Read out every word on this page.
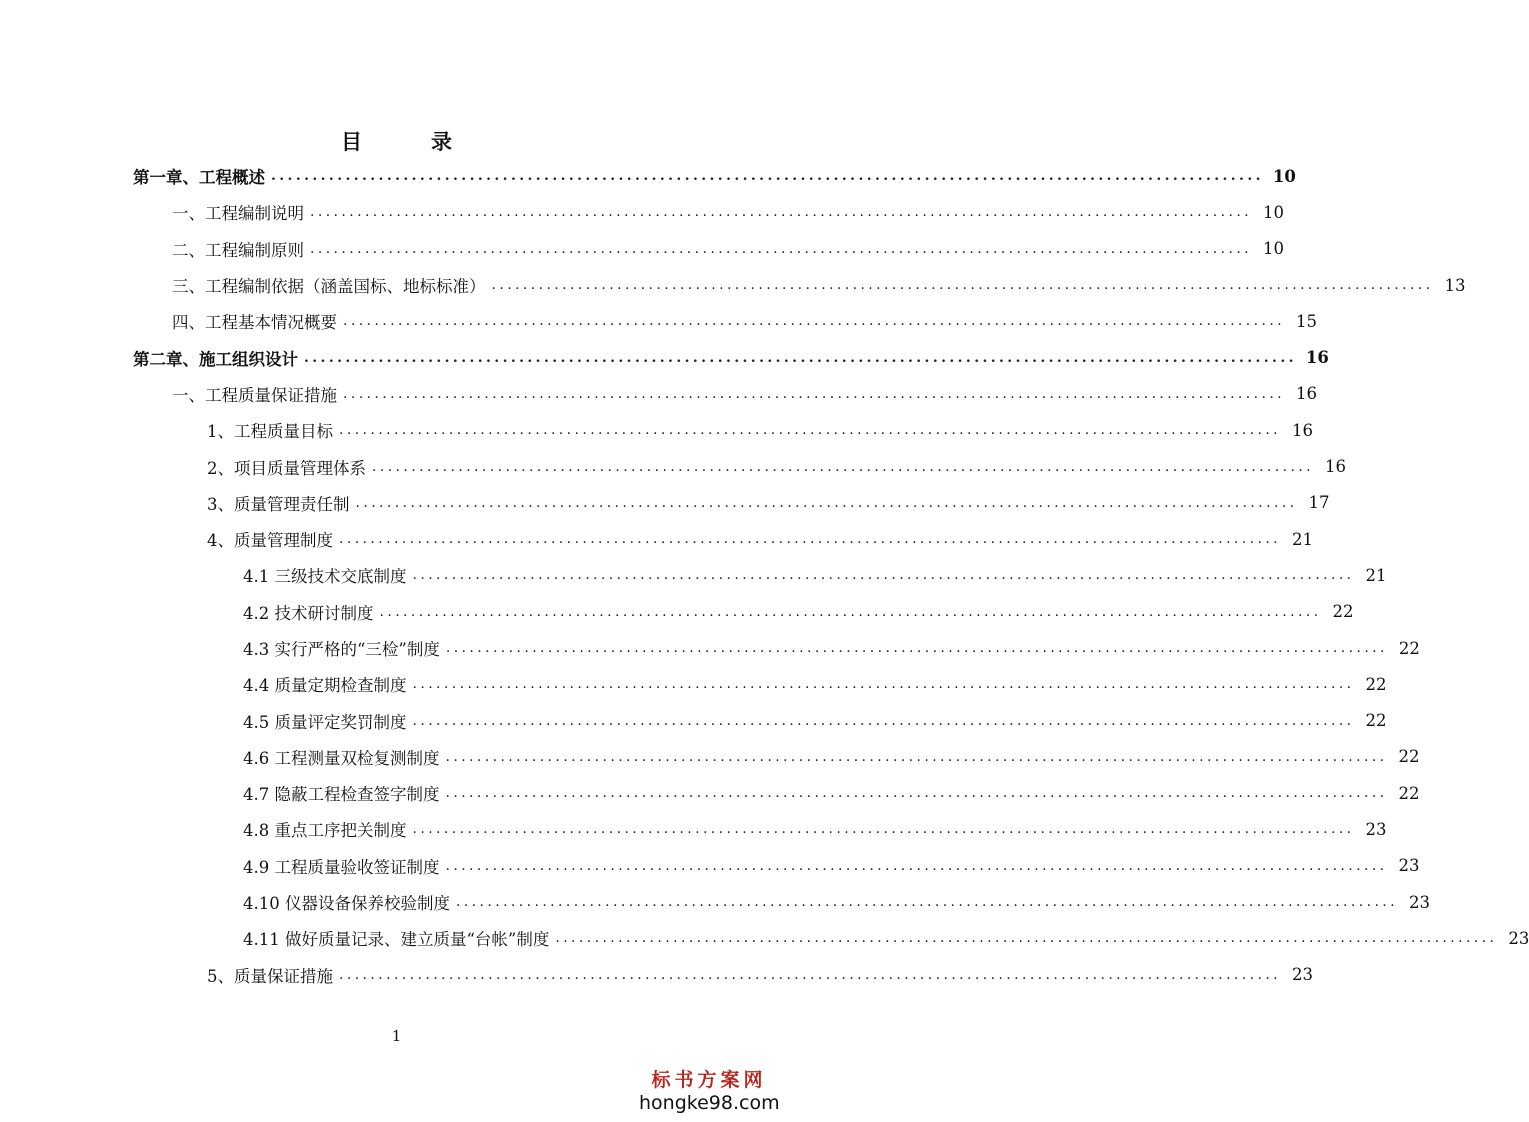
目　录
第一章、工程概述 ........................................................................................................................ 10
一、工程编制说明 ........................................................................................................................ 10
二、工程编制原则 ........................................................................................................................ 10
三、工程编制依据（涵盖国标、地标标准） ........................................................................................................................ 13
四、工程基本情况概要 ........................................................................................................................ 15
第二章、施工组织设计 ........................................................................................................................ 16
一、工程质量保证措施 ........................................................................................................................ 16
1、工程质量目标 ........................................................................................................................ 16
2、项目质量管理体系 ........................................................................................................................ 16
3、质量管理责任制 ........................................................................................................................ 17
4、质量管理制度 ........................................................................................................................ 21
4.1 三级技术交底制度 ........................................................................................................................ 21
4.2 技术研讨制度 ........................................................................................................................ 22
4.3 实行严格的“三检”制度 ........................................................................................................................ 22
4.4 质量定期检查制度 ........................................................................................................................ 22
4.5 质量评定奖罚制度 ........................................................................................................................ 22
4.6 工程测量双检复测制度 ........................................................................................................................ 22
4.7 隐蔽工程检查签字制度 ........................................................................................................................ 22
4.8 重点工序把关制度 ........................................................................................................................ 23
4.9 工程质量验收签证制度 ........................................................................................................................ 23
4.10 仪器设备保养校验制度 ........................................................................................................................ 23
4.11 做好质量记录、建立质量“台帐”制度 ........................................................................................................................ 23
5、质量保证措施 ........................................................................................................................ 23
1
标书方案网
hongke98.com
